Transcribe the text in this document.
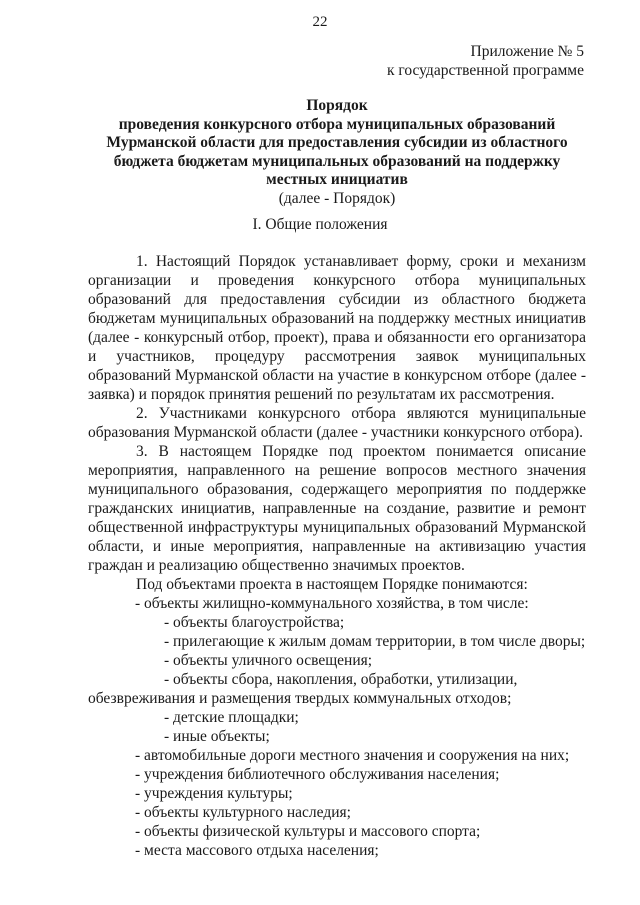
22
Приложение № 5
к государственной программе
Порядок
проведения конкурсного отбора муниципальных образований
Мурманской области для предоставления субсидии из областного
бюджета бюджетам муниципальных образований на поддержку
местных инициатив
(далее - Порядок)
I. Общие положения

1. Настоящий Порядок устанавливает форму, сроки и механизм организации и проведения конкурсного отбора муниципальных образований для предоставления субсидии из областного бюджета бюджетам муниципальных образований на поддержку местных инициатив (далее - конкурсный отбор, проект), права и обязанности его организатора и участников, процедуру рассмотрения заявок муниципальных образований Мурманской области на участие в конкурсном отборе (далее - заявка) и порядок принятия решений по результатам их рассмотрения.

2. Участниками конкурсного отбора являются муниципальные образования Мурманской области (далее - участники конкурсного отбора).

3. В настоящем Порядке под проектом понимается описание мероприятия, направленного на решение вопросов местного значения муниципального образования, содержащего мероприятия по поддержке гражданских инициатив, направленные на создание, развитие и ремонт общественной инфраструктуры муниципальных образований Мурманской области, и иные мероприятия, направленные на активизацию участия граждан и реализацию общественно значимых проектов.

Под объектами проекта в настоящем Порядке понимаются:

- объекты жилищно-коммунального хозяйства, в том числе:
- объекты благоустройства;
- прилегающие к жилым домам территории, в том числе дворы;
- объекты уличного освещения;
- объекты сбора, накопления, обработки, утилизации, обезвреживания и размещения твердых коммунальных отходов;
- детские площадки;
- иные объекты;
- автомобильные дороги местного значения и сооружения на них;
- учреждения библиотечного обслуживания населения;
- учреждения культуры;
- объекты культурного наследия;
- объекты физической культуры и массового спорта;
- места массового отдыха населения;
